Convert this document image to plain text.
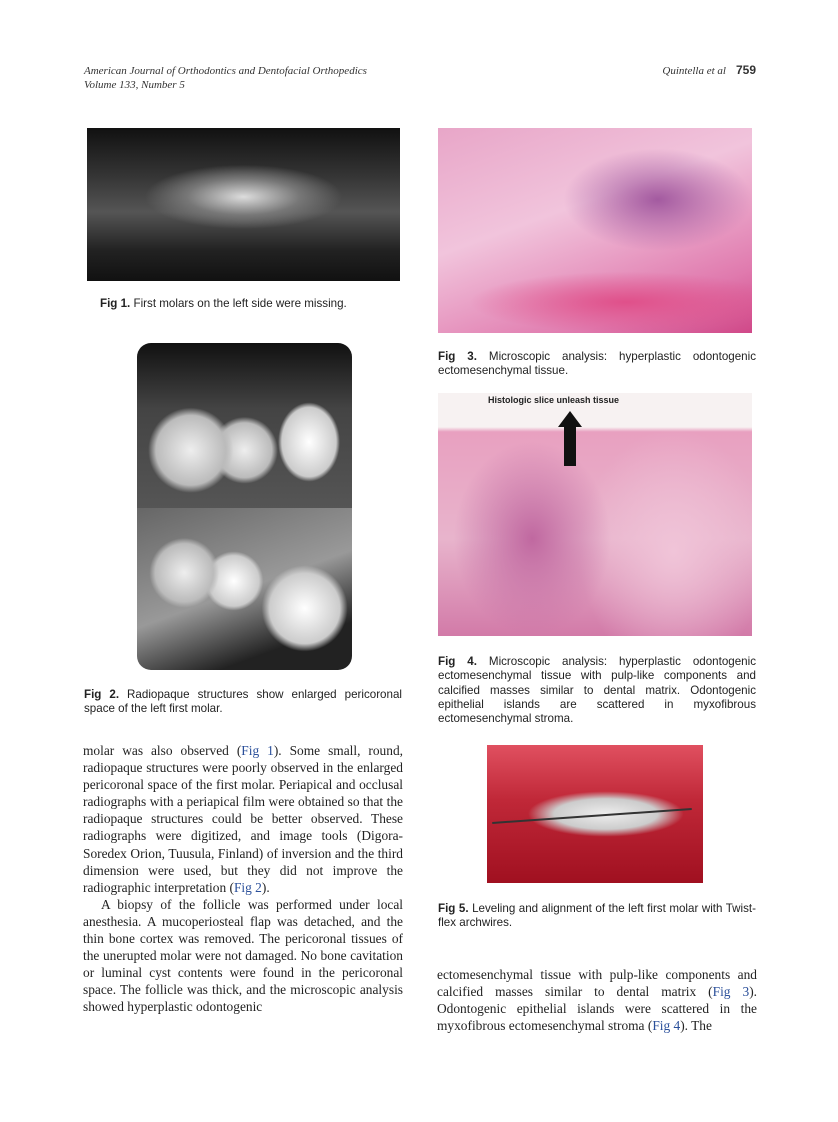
American Journal of Orthodontics and Dentofacial Orthopedics
Volume 133, Number 5
Quintella et al 759
Fig 1. First molars on the left side were missing.
Fig 2. Radiopaque structures show enlarged pericoronal space of the left first molar.
Fig 3. Microscopic analysis: hyperplastic odontogenic ectomesenchymal tissue.
Histologic slice unleash tissue
Fig 4. Microscopic analysis: hyperplastic odontogenic ectomesenchymal tissue with pulp-like components and calcified masses similar to dental matrix. Odontogenic epithelial islands are scattered in myxofibrous ectomesenchymal stroma.
Fig 5. Leveling and alignment of the left first molar with Twist-flex archwires.

molar was also observed (Fig 1). Some small, round, radiopaque structures were poorly observed in the enlarged pericoronal space of the first molar. Periapical and occlusal radiographs with a periapical film were obtained so that the radiopaque structures could be better observed. These radiographs were digitized, and image tools (Digora-Soredex Orion, Tuusula, Finland) of inversion and the third dimension were used, but they did not improve the radiographic interpretation (Fig 2).

A biopsy of the follicle was performed under local anesthesia. A mucoperiosteal flap was detached, and the thin bone cortex was removed. The pericoronal tissues of the unerupted molar were not damaged. No bone cavitation or luminal cyst contents were found in the pericoronal space. The follicle was thick, and the microscopic analysis showed hyperplastic odontogenic

ectomesenchymal tissue with pulp-like components and calcified masses similar to dental matrix (Fig 3). Odontogenic epithelial islands were scattered in the myxofibrous ectomesenchymal stroma (Fig 4). The
